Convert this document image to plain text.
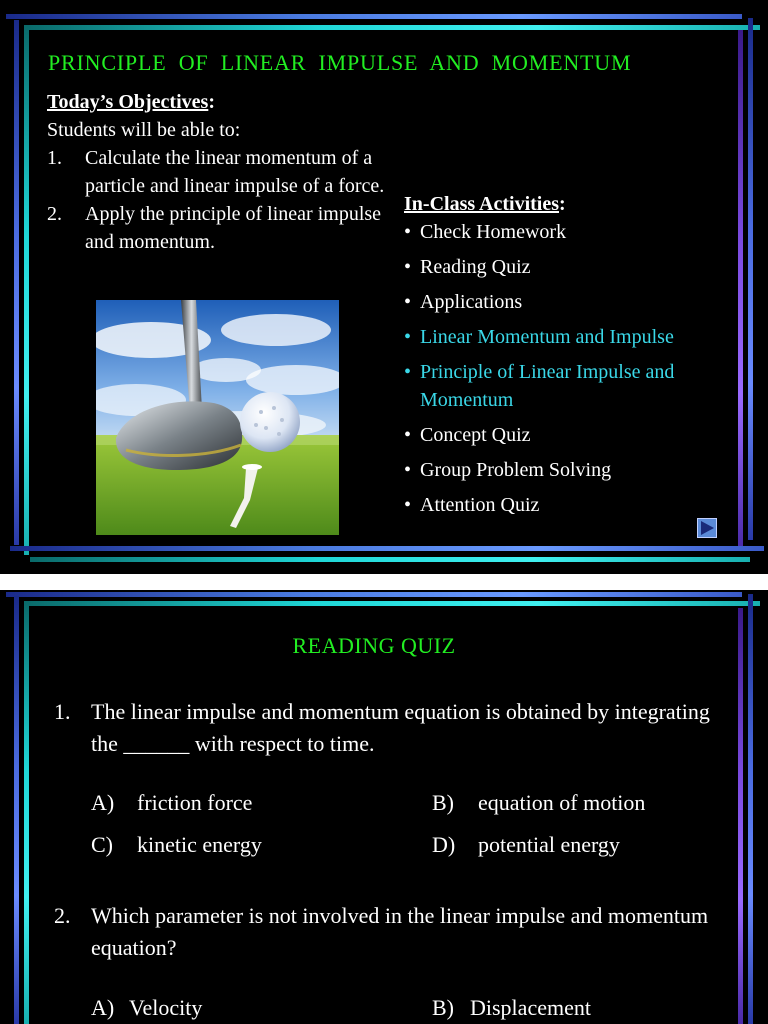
PRINCIPLE OF LINEAR IMPULSE AND MOMENTUM
Today’s Objectives:
Students will be able to:
1. Calculate the linear momentum of a particle and linear impulse of a force.
2. Apply the principle of linear impulse and momentum.
In-Class Activities:
• Check Homework
• Reading Quiz
• Applications
• Linear Momentum and Impulse
• Principle of Linear Impulse and Momentum
• Concept Quiz
• Group Problem Solving
• Attention Quiz
READING QUIZ
1. The linear impulse and momentum equation is obtained by integrating the ______ with respect to time.
A) friction force	B) equation of motion
C) kinetic energy	D) potential energy
2. Which parameter is not involved in the linear impulse and momentum equation?
A) Velocity	B) Displacement
